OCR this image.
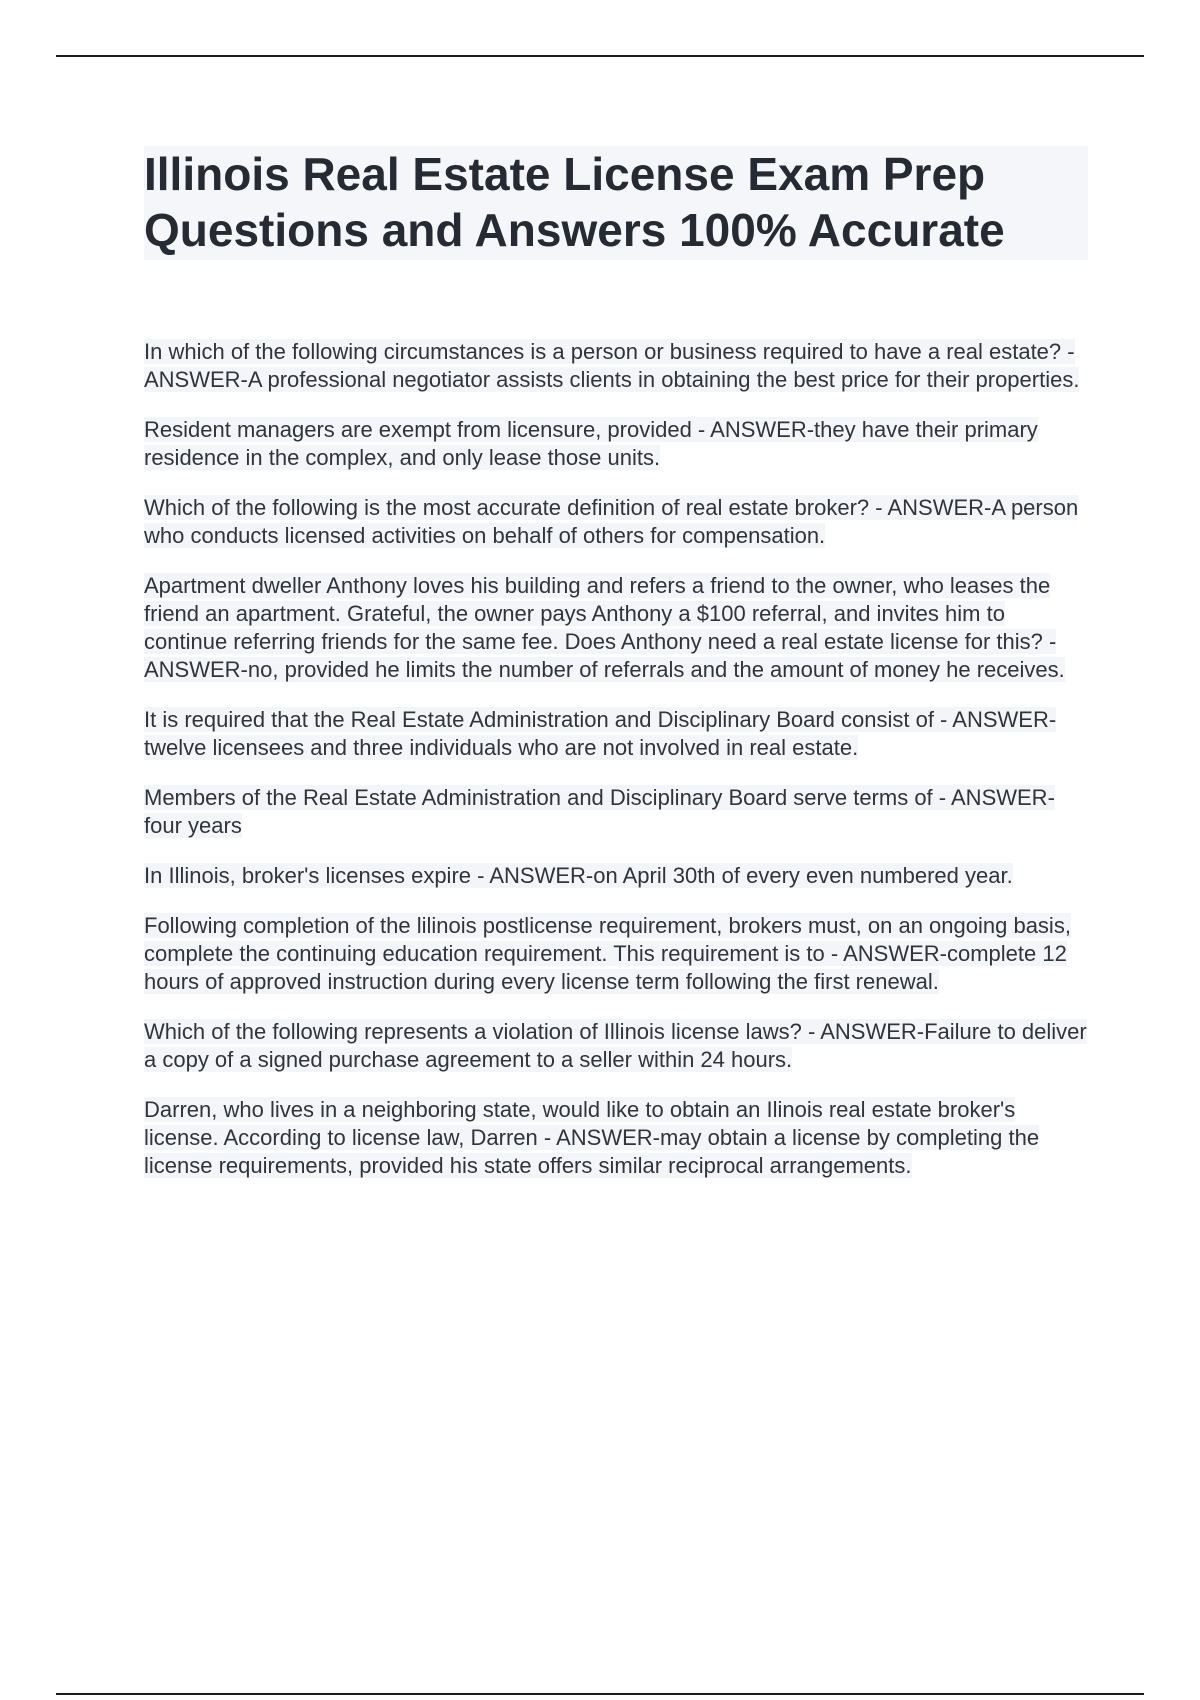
Illinois Real Estate License Exam Prep Questions and Answers 100% Accurate

In which of the following circumstances is a person or business required to have a real estate? - ANSWER-A professional negotiator assists clients in obtaining the best price for their properties.

Resident managers are exempt from licensure, provided - ANSWER-they have their primary residence in the complex, and only lease those units.

Which of the following is the most accurate definition of real estate broker? - ANSWER-A person who conducts licensed activities on behalf of others for compensation.

Apartment dweller Anthony loves his building and refers a friend to the owner, who leases the friend an apartment. Grateful, the owner pays Anthony a $100 referral, and invites him to continue referring friends for the same fee. Does Anthony need a real estate license for this? - ANSWER-no, provided he limits the number of referrals and the amount of money he receives.

It is required that the Real Estate Administration and Disciplinary Board consist of - ANSWER-twelve licensees and three individuals who are not involved in real estate.

Members of the Real Estate Administration and Disciplinary Board serve terms of - ANSWER-four years

In Illinois, broker's licenses expire - ANSWER-on April 30th of every even numbered year.

Following completion of the lilinois postlicense requirement, brokers must, on an ongoing basis, complete the continuing education requirement. This requirement is to - ANSWER-complete 12 hours of approved instruction during every license term following the first renewal.

Which of the following represents a violation of Illinois license laws? - ANSWER-Failure to deliver a copy of a signed purchase agreement to a seller within 24 hours.

Darren, who lives in a neighboring state, would like to obtain an Ilinois real estate broker's license. According to license law, Darren - ANSWER-may obtain a license by completing the license requirements, provided his state offers similar reciprocal arrangements.
